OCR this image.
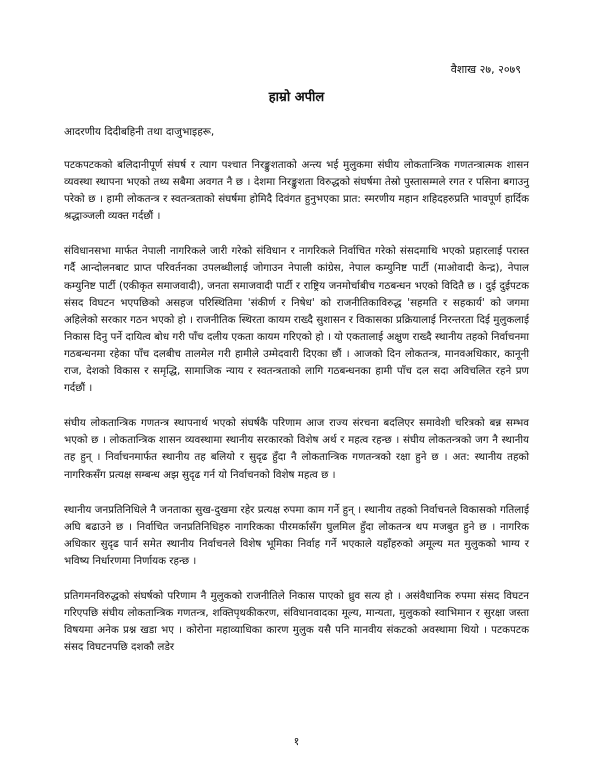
वैशाख २७, २०७९
हाम्रो अपील
आदरणीय दिदीबहिनी तथा दाजुभाइहरू,

पटकपटकको बलिदानीपूर्ण संघर्ष र त्याग पश्चात निरङ्कुशताको अन्त्य भई मुलुकमा संघीय लोकतान्त्रिक गणतन्त्रात्मक शासन व्यवस्था स्थापना भएको तथ्य सबैमा अवगत नै छ । देशमा निरङ्कुशता विरुद्धको संघर्षमा तेस्रो पुस्तासम्मले रगत र पसिना बगाउनु परेको छ । हामी लोकतन्त्र र स्वतन्त्रताको संघर्षमा होमिदै दिवंगत हुनुभएका प्रात: स्मरणीय महान शहिदहरुप्रति भावपूर्ण हार्दिक श्रद्धाञ्जली व्यक्त गर्दछौं ।

संविधानसभा मार्फत नेपाली नागरिकले जारी गरेको संविधान र नागरिकले निर्वाचित गरेको संसदमाथि भएको प्रहारलाई परास्त गर्दै आन्दोलनबाट प्राप्त परिवर्तनका उपलब्धीलाई जोगाउन नेपाली कांग्रेस, नेपाल कम्युनिष्ट पार्टी (माओवादी केन्द्र), नेपाल कम्युनिष्ट पार्टी (एकीकृत समाजवादी), जनता समाजवादी पार्टी र राष्ट्रिय जनमोर्चाबीच गठबन्धन भएको विदितै छ । दुई दुईपटक संसद विघटन भएपछिको असहज परिस्थितिमा 'संकीर्ण र निषेध' को राजनीतिकाविरुद्ध 'सहमति र सहकार्य' को जगमा अहिलेको सरकार गठन भएको हो । राजनीतिक स्थिरता कायम राख्दै सुशासन र विकासका प्रक्रियालाई निरन्तरता दिई मुलुकलाई निकास दिनु पर्ने दायित्व बोध गरी पाँच दलीय एकता कायम गरिएको हो । यो एकतालाई अक्षुण राख्दै स्थानीय तहको निर्वाचनमा गठबन्धनमा रहेका पाँच दलबीच तालमेल गरी हामीले उम्मेदवारी दिएका छौं । आजको दिन लोकतन्त्र, मानवअधिकार, कानूनी राज, देशको विकास र समृद्धि, सामाजिक न्याय र स्वतन्त्रताको लागि गठबन्धनका हामी पाँच दल सदा अविचलित रहने प्रण गर्दछौं ।

संघीय लोकतान्त्रिक गणतन्त्र स्थापनार्थ भएको संघर्षकै परिणाम आज राज्य संरचना बदलिएर समावेशी चरित्रको बन्न सम्भव भएको छ । लोकतान्त्रिक शासन व्यवस्थामा स्थानीय सरकारको विशेष अर्थ र महत्व रहन्छ । संघीय लोकतन्त्रको जग नै स्थानीय तह हुन् । निर्वाचनमार्फत स्थानीय तह बलियो र सुदृढ हुँदा नै लोकतान्त्रिक गणतन्त्रको रक्षा हुने छ । अत: स्थानीय तहको नागरिकसँग प्रत्यक्ष सम्बन्ध अझ सुदृढ गर्न यो निर्वाचनको विशेष महत्व छ ।

स्थानीय जनप्रतिनिधिले नै जनताका सुख-दुखमा रहेर प्रत्यक्ष रुपमा काम गर्ने हुन् । स्थानीय तहको निर्वाचनले विकासको गतिलाई अघि बढाउने छ । निर्वाचित जनप्रतिनिधिहरु नागरिकका पीरमर्कासँग घुलमिल हुँदा लोकतन्त्र थप मजबुत हुने छ । नागरिक अधिकार सुदृढ पार्न समेत स्थानीय निर्वाचनले विशेष भूमिका निर्वाह गर्ने भएकाले यहाँहरुको अमूल्य मत मुलुकको भाग्य र भविष्य निर्धारणमा निर्णायक रहन्छ ।

प्रतिगमनविरुद्धको संघर्षको परिणाम नै मुलुकको राजनीतिले निकास पाएको ध्रुव सत्य हो । असंवैधानिक रुपमा संसद विघटन गरिएपछि संघीय लोकतान्त्रिक गणतन्त्र, शक्तिपृथकीकरण, संविधानवादका मूल्य, मान्यता, मुलुकको स्वाभिमान र सुरक्षा जस्ता विषयमा अनेक प्रश्न खडा भए । कोरोना महाव्याधिका कारण मुलुक यसै पनि मानवीय संकटको अवस्थामा थियो । पटकपटक संसद विघटनपछि दशकौ लडेर

१
